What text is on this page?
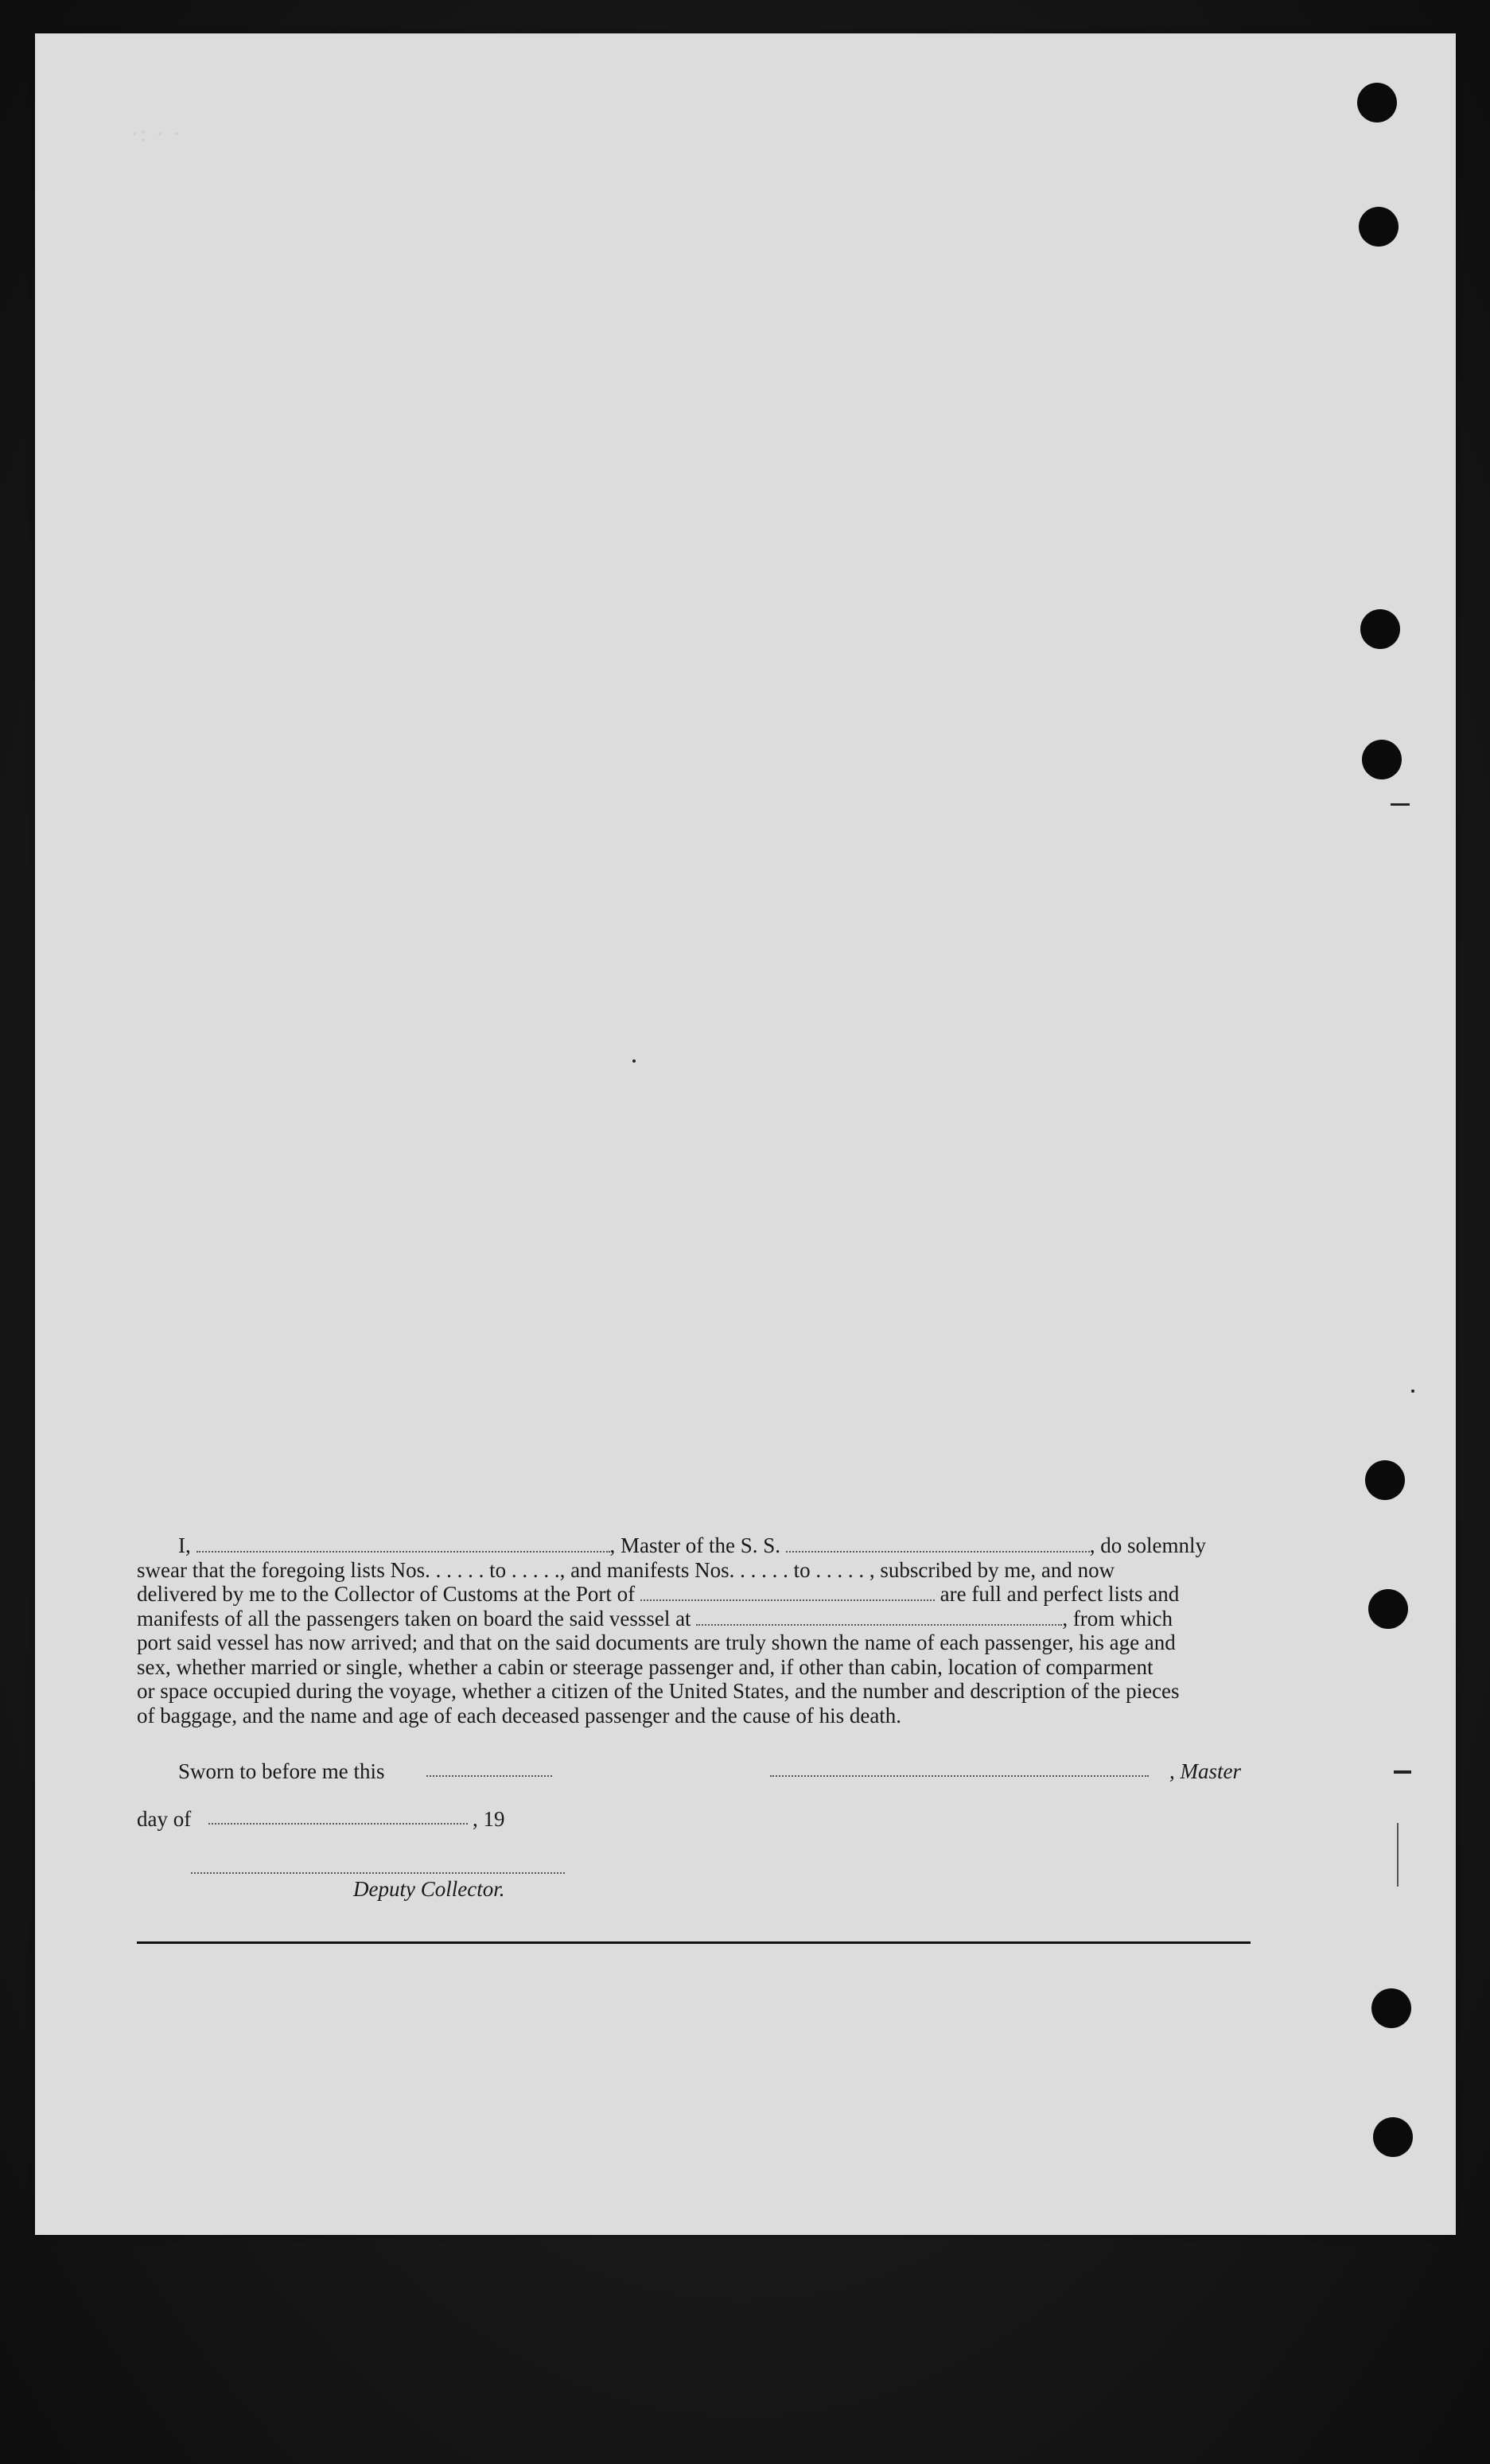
·: · ·
I,	, Master of the S. S.	, do solemnly
swear that the foregoing lists Nos. . . . . . to . . . . ., and manifests Nos. . . . . . to . . . . . , subscribed by me, and now
delivered by me to the Collector of Customs at the Port of	are full and perfect lists and
manifests of all the passengers taken on board the said vesssel at	, from which
port said vessel has now arrived; and that on the said documents are truly shown the name of each passenger, his age and
sex, whether married or single, whether a cabin or steerage passenger and, if other than cabin, location of comparment
or space occupied during the voyage, whether a citizen of the United States, and the number and description of the pieces
of baggage, and the name and age of each deceased passenger and the cause of his death.
Sworn to before me this	, Master
day of	, 19
Deputy Collector.
